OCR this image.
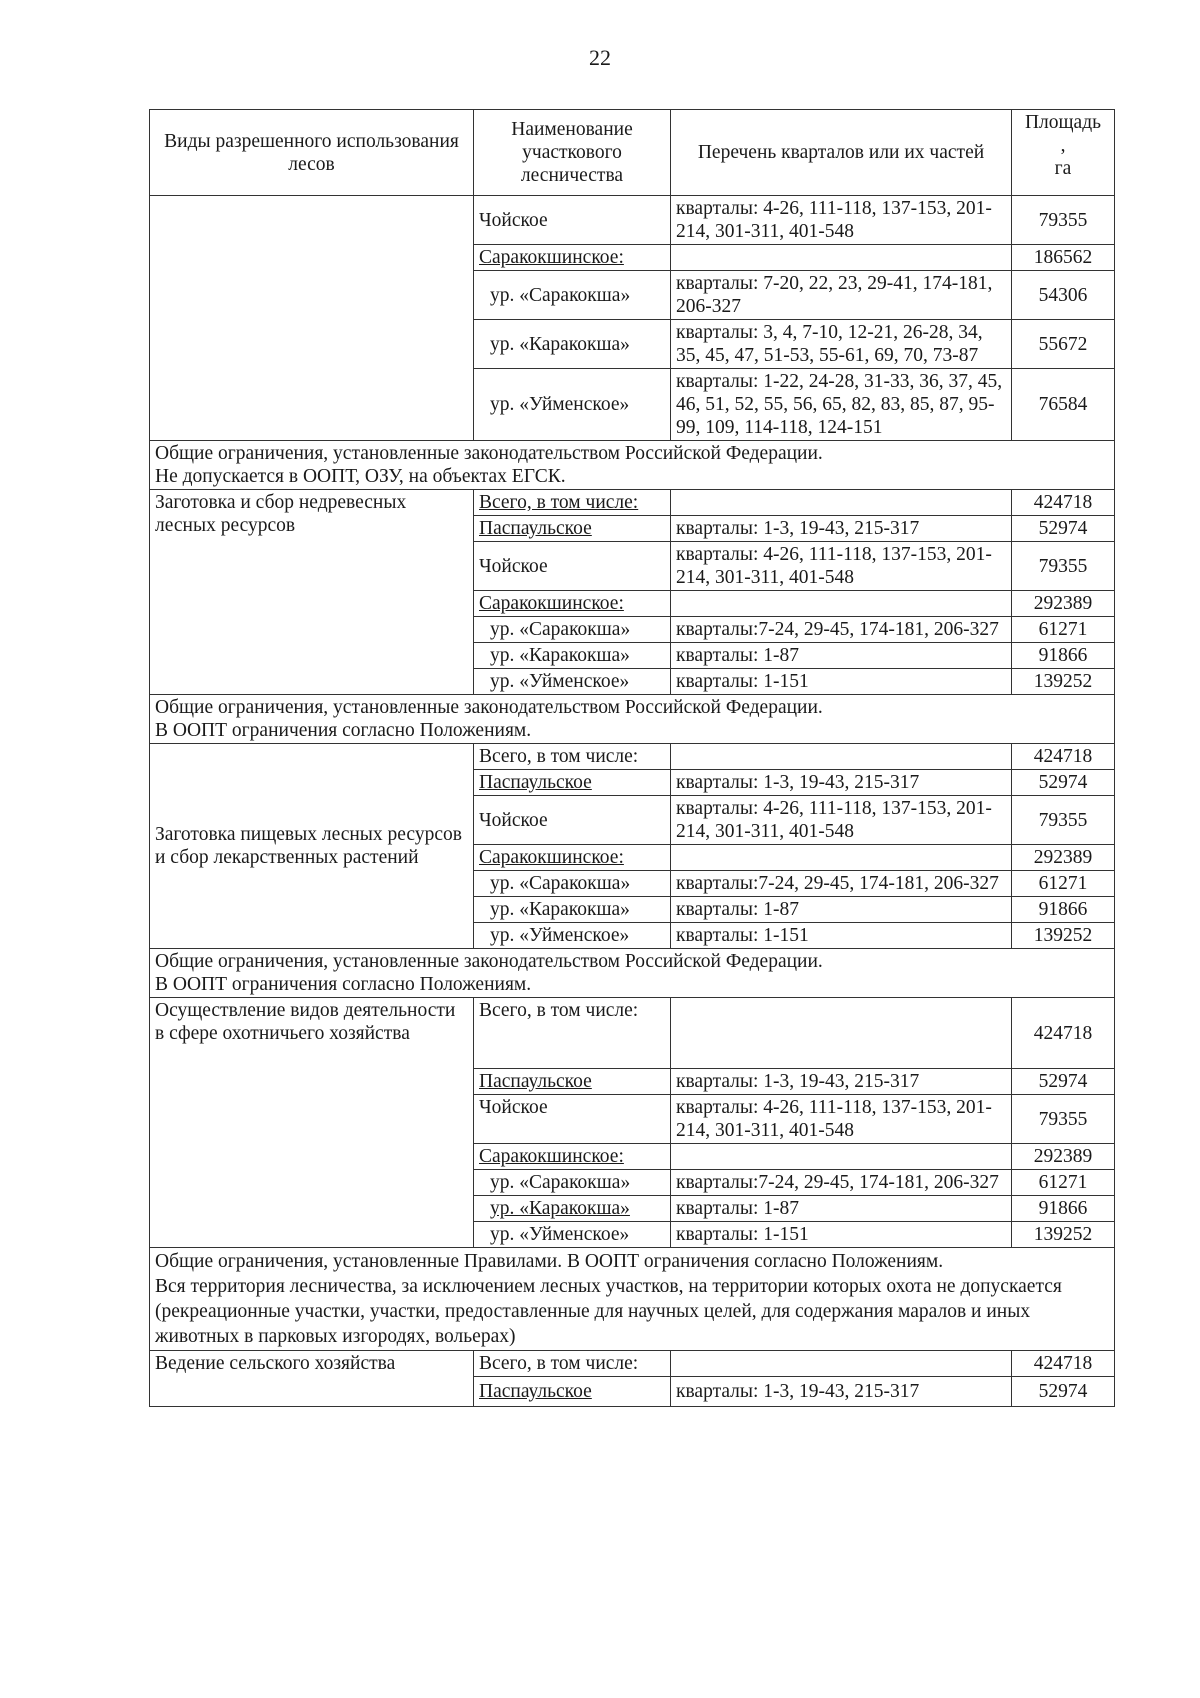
22
Виды разрешенного использования лесов	Наименование участкового лесничества	Перечень кварталов или их частей	Площадь
,
га
	Чойское	кварталы: 4-26, 111-118, 137-153, 201-214, 301-311, 401-548	79355
	Саракокшинское:		186562
	ур. «Саракокша»	кварталы: 7-20, 22, 23, 29-41, 174-181, 206-327	54306
	ур. «Каракокша»	кварталы: 3, 4, 7-10, 12-21, 26-28, 34, 35, 45, 47, 51-53, 55-61, 69, 70, 73-87	55672
	ур. «Уйменское»	кварталы: 1-22, 24-28, 31-33, 36, 37, 45, 46, 51, 52, 55, 56, 65, 82, 83, 85, 87, 95-99, 109, 114-118, 124-151	76584

Общие ограничения, установленные законодательством Российской Федерации.
Не допускается в ООПТ, ОЗУ, на объектах ЕГСК.			

Заготовка и сбор недревесных лесных ресурсов	Всего, в том числе:		424718
	Паспаульское	кварталы: 1-3, 19-43, 215-317	52974
	Чойское	кварталы: 4-26, 111-118, 137-153, 201-214, 301-311, 401-548	79355
	Саракокшинское:		292389
	ур. «Саракокша»	кварталы:7-24, 29-45, 174-181, 206-327	61271
	ур. «Каракокша»	кварталы: 1-87	91866
	ур. «Уйменское»	кварталы: 1-151	139252

Общие ограничения, установленные законодательством Российской Федерации.
В ООПТ ограничения согласно Положениям.			

Заготовка пищевых лесных ресурсов и сбор лекарственных растений	Всего, в том числе:		424718
	Паспаульское	кварталы: 1-3, 19-43, 215-317	52974
	Чойское	кварталы: 4-26, 111-118, 137-153, 201-214, 301-311, 401-548	79355
	Саракокшинское:		292389
	ур. «Саракокша»	кварталы:7-24, 29-45, 174-181, 206-327	61271
	ур. «Каракокша»	кварталы: 1-87	91866
	ур. «Уйменское»	кварталы: 1-151	139252

Общие ограничения, установленные законодательством Российской Федерации.
В ООПТ ограничения согласно Положениям.			

Осуществление видов деятельности в сфере охотничьего хозяйства	Всего, в том числе:		424718
	Паспаульское	кварталы: 1-3, 19-43, 215-317	52974
	Чойское	кварталы: 4-26, 111-118, 137-153, 201-214, 301-311, 401-548	79355
	Саракокшинское:		292389
	ур. «Саракокша»	кварталы:7-24, 29-45, 174-181, 206-327	61271
	ур. «Каракокша»	кварталы: 1-87	91866
	ур. «Уйменское»	кварталы: 1-151	139252

Общие ограничения, установленные Правилами. В ООПТ ограничения согласно Положениям.
Вся территория лесничества, за исключением лесных участков, на территории которых охота не допускается (рекреационные участки, участки, предоставленные для научных целей, для содержания маралов и иных животных в парковых изгородях, вольерах)			

Ведение сельского хозяйства	Всего, в том числе:		424718
	Паспаульское	кварталы: 1-3, 19-43, 215-317	52974
